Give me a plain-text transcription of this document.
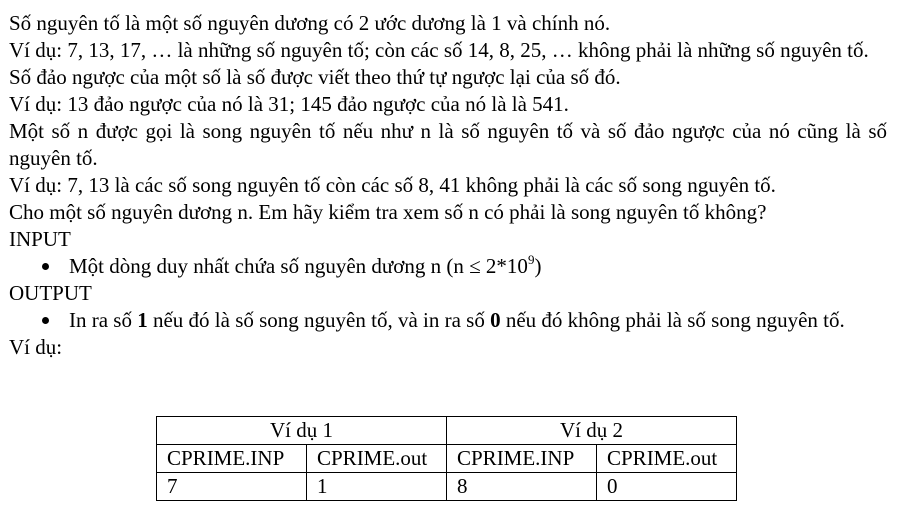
Số nguyên tố là một số nguyên dương có 2 ước dương là 1 và chính nó.

Ví dụ: 7, 13, 17, … là những số nguyên tố; còn các số 14, 8, 25, … không phải là những số nguyên tố.

Số đảo ngược của một số là số được viết theo thứ tự ngược lại của số đó.

Ví dụ: 13 đảo ngược của nó là 31; 145 đảo ngược của nó là là 541.

Một số n được gọi là song nguyên tố nếu như n là số nguyên tố và số đảo ngược của nó cũng là số nguyên tố.

Ví dụ: 7, 13 là các số song nguyên tố còn các số 8, 41 không phải là các số song nguyên tố.

Cho một số nguyên dương n. Em hãy kiểm tra xem số n có phải là song nguyên tố không?

INPUT

Một dòng duy nhất chứa số nguyên dương n $(n \le 2*10^9)$

OUTPUT

In ra số 1 nếu đó là số song nguyên tố, và in ra số 0 nếu đó không phải là số song nguyên tố.

Ví dụ:

Ví dụ 1		Ví dụ 2	
CPRIME.INP	CPRIME.out	CPRIME.INP	CPRIME.out
7	1	8	0
